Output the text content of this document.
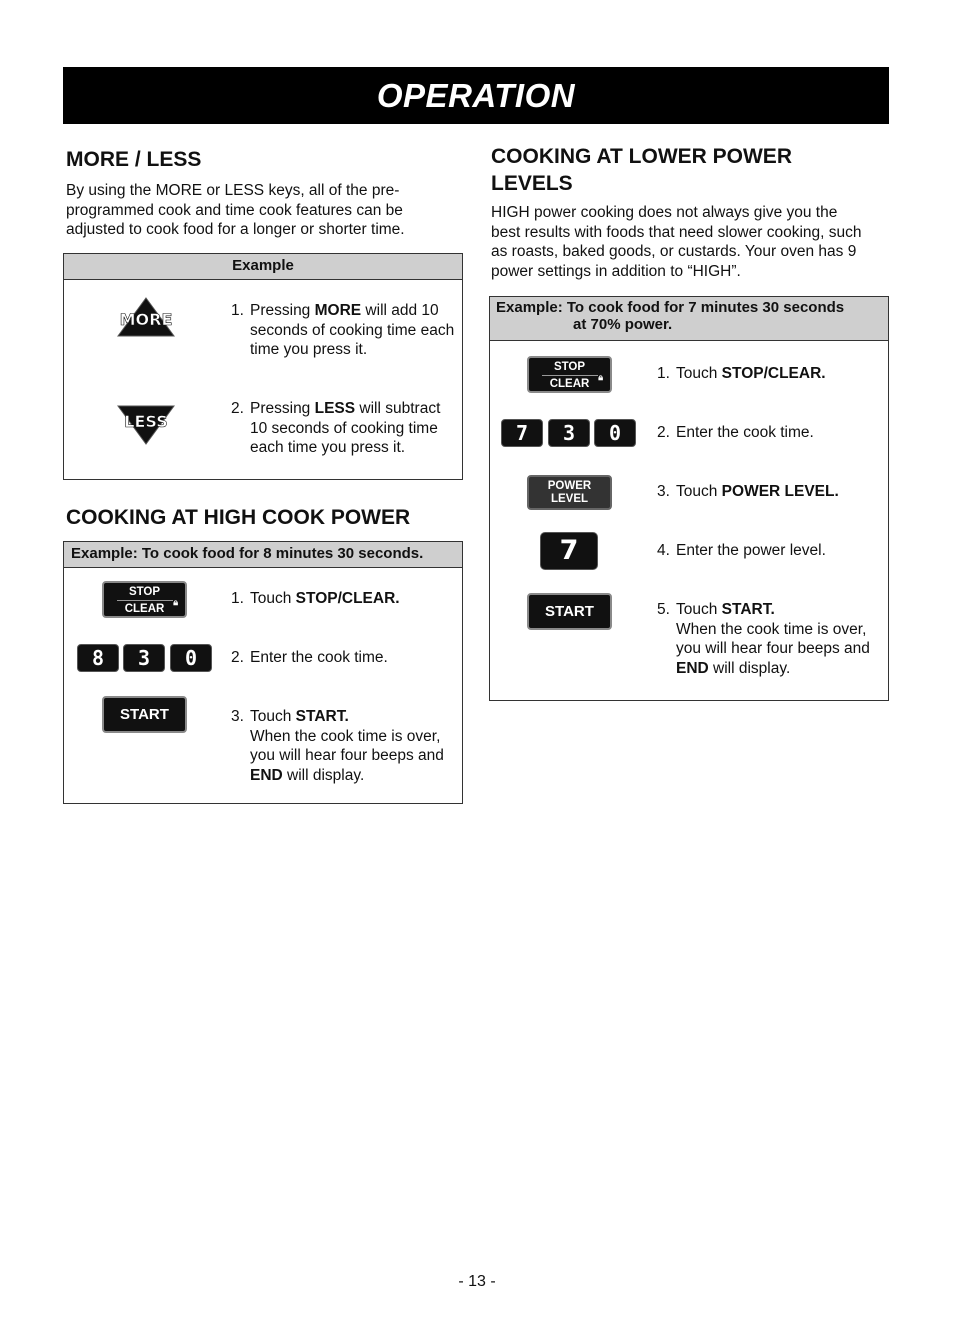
OPERATION
MORE / LESS
By using the MORE or LESS keys, all of the pre-
programmed cook and time cook features can be
adjusted to cook food for a longer or shorter time.
Example
MORE	1. Pressing MORE will add 10 seconds of cooking time each time you press it.
LESS
2. Pressing LESS will subtract 10 seconds of cooking time each time you press it.
COOKING AT HIGH COOK POWER
Example: To cook food for 8 minutes 30 seconds.
STOP
CLEAR
🔒︎	1. Touch STOP/CLEAR.
8	3	0	2. Enter the cook time.
START	3. Touch START.
When the cook time is over, you will hear four beeps and END will display.
COOKING AT LOWER POWER
LEVELS
HIGH power cooking does not always give you the
best results with foods that need slower cooking, such
as roasts, baked goods, or custards. Your oven has 9
power settings in addition to “HIGH”.
Example: To cook food for 7 minutes 30 seconds
at 70% power.
STOP
CLEAR
🔒︎	1. Touch STOP/CLEAR.
7	3	0	2. Enter the cook time.
POWER
LEVEL	3. Touch POWER LEVEL.
7	4. Enter the power level.
START	5. Touch START.
When the cook time is over, you will hear four beeps and END will display.
- 13 -
